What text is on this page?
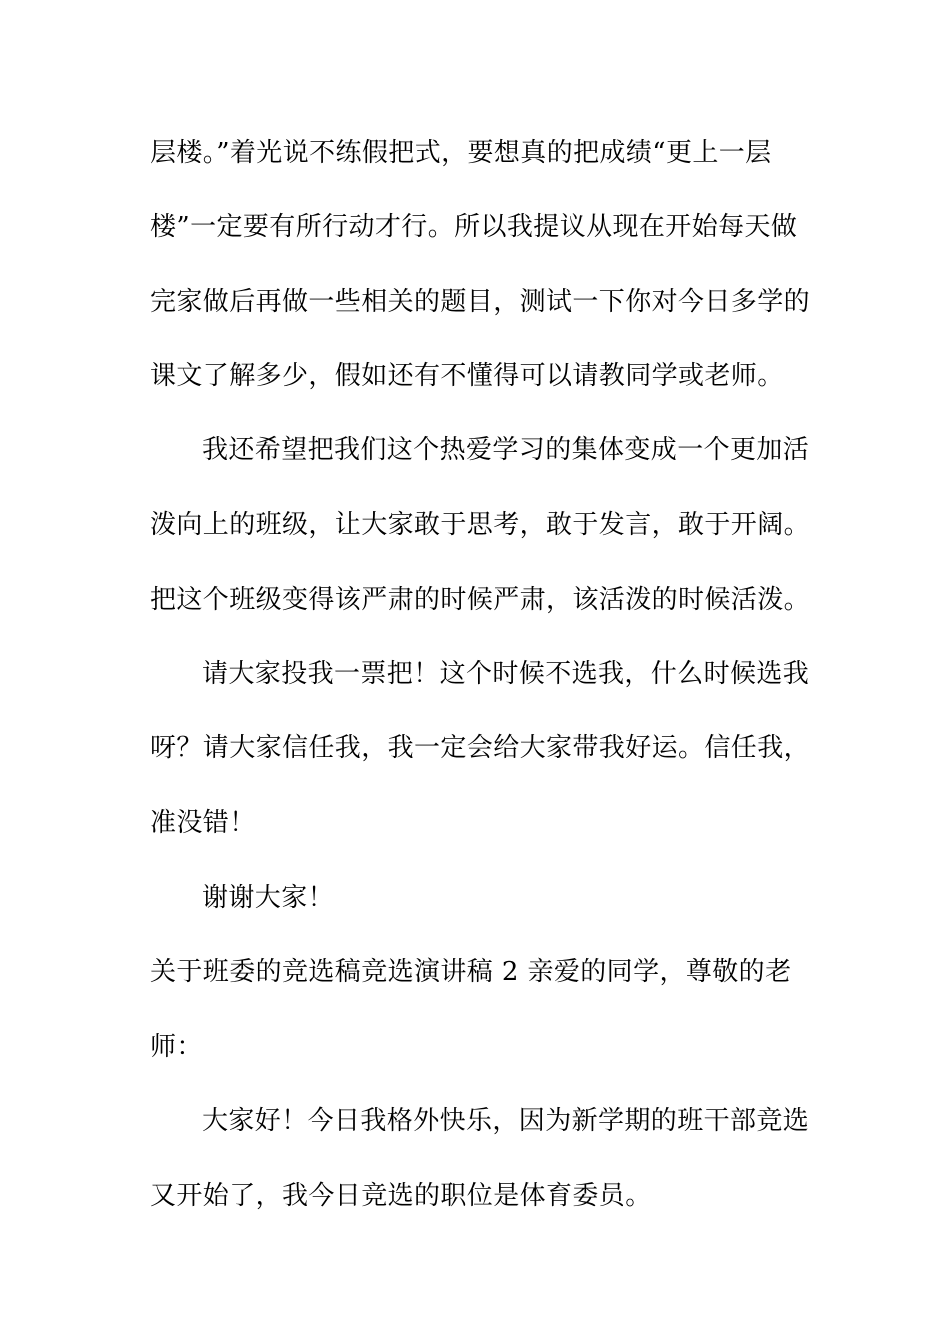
层楼。”着光说不练假把式，要想真的把成绩“更上一层
楼”一定要有所行动才行。所以我提议从现在开始每天做
完家做后再做一些相关的题目，测试一下你对今日多学的
课文了解多少，假如还有不懂得可以请教同学或老师。
我还希望把我们这个热爱学习的集体变成一个更加活
泼向上的班级，让大家敢于思考，敢于发言，敢于开阔。
把这个班级变得该严肃的时候严肃，该活泼的时候活泼。
请大家投我一票把！这个时候不选我，什么时候选我
呀？请大家信任我，我一定会给大家带我好运。信任我，
准没错！
谢谢大家！
关于班委的竞选稿竞选演讲稿 2 亲爱的同学，尊敬的老
师：
大家好！今日我格外快乐，因为新学期的班干部竞选
又开始了，我今日竞选的职位是体育委员。
